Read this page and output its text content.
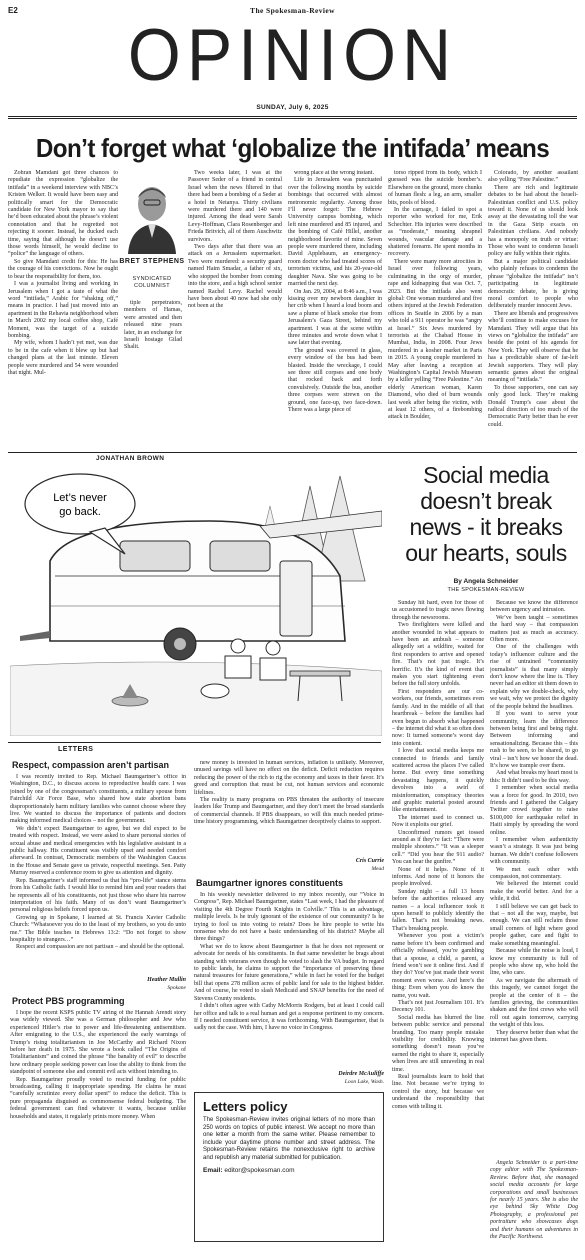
E2	The Spokesman-Review
OPINION
SUNDAY, July 6, 2025
Don’t forget what ‘globalize the intifada’ means

Zohran Mamdani got three chances to repudiate the expression “globalize the intifada” in a weekend interview with NBC’s Kristen Welker. It would have been easy and politically smart for the Democratic candidate for New York mayor to say that he’d been educated about the phrase’s violent connotation and that he regretted not rejecting it sooner. Instead, he ducked each time, saying that although he doesn’t use those words himself, he would decline to “police” the language of others.

So give Mamdani credit for this: He has the courage of his convictions. Now he ought to bear the responsibility for them, too.

I was a journalist living and working in Jerusalem when I got a taste of what the word “intifada,” Arabic for “shaking off,” means in practice. I had just moved into an apartment in the Rehavia neighborhood when in March 2002 my local coffee shop, Café Moment, was the target of a suicide bombing.

My wife, whom I hadn’t yet met, was due to be in the cafe when it blew up but had changed plans at the last minute. Eleven people were murdered and 54 were wounded that night. Mul-

BRET STEPHENS
SYNDICATED COLUMNIST

tiple perpetrators, members of Hamas, were arrested and then released nine years later, in an exchange for Israeli hostage Gilad Shalit.

Two weeks later, I was at the Passover Seder of a friend in central Israel when the news filtered in that there had been a bombing of a Seder at a hotel in Netanya. Thirty civilians were murdered there and 140 were injured. Among the dead were Sarah Levy-Hoffman, Clara Rosenberger and Frieda Britvich, all of them Auschwitz survivors.

Two days after that there was an attack on a Jerusalem supermarket. Two were murdered: a security guard named Haim Smadar, a father of six, who stopped the bomber from coming into the store, and a high school senior named Rachel Levy. Rachel would have been about 40 now had she only not been at the

wrong place at the wrong instant.

Life in Jerusalem was punctuated over the following months by suicide bombings that occurred with almost metronomic regularity. Among those I’ll never forget: The Hebrew University campus bombing, which left nine murdered and 85 injured, and the bombing of Café Hillel, another neighborhood favorite of mine. Seven people were murdered there, including David Applebaum, an emergency-room doctor who had treated scores of terrorism victims, and his 20-year-old daughter Nava. She was going to be married the next day.

On Jan. 29, 2004, at 8:46 a.m., I was kissing over my newborn daughter in her crib when I heard a loud boom and saw a plume of black smoke rise from Jerusalem’s Gaza Street, behind my apartment. I was at the scene within three minutes and wrote down what I saw later that evening.

The ground was covered in glass, every window of the bus had been blasted. Inside the wreckage, I could see three still corpses and one body that rocked back and forth convulsively. Outside the bus, another three corpses were strewn on the ground, one face-up, two face-down. There was a large piece of

torso ripped from its body, which I guessed was the suicide bomber’s. Elsewhere on the ground, more chunks of human flesh: a leg, an arm, smaller bits, pools of blood.

In the carnage, I failed to spot a reporter who worked for me, Erik Schechter. His injuries were described as “moderate,” meaning shrapnel wounds, vascular damage and a shattered forearm. He spent months in recovery.

There were many more atrocities in Israel over following years, culminating in the orgy of murder, rape and kidnapping that was Oct. 7, 2023. But the intifada also went global: One woman murdered and five others injured at the Jewish Federation offices in Seattle in 2006 by a man who told a 911 operator he was “angry at Israel.” Six Jews murdered by terrorists at the Chabad House in Mumbai, India, in 2008. Four Jews murdered in a kosher market in Paris in 2015. A young couple murdered in May after leaving a reception at Washington’s Capital Jewish Museum by a killer yelling “Free Palestine.” An elderly American woman, Karen Diamond, who died of burn wounds last week after being the victim, with at least 12 others, of a firebombing attack in Boulder,

Colorado, by another assailant also yelling “Free Palestine.”

There are rich and legitimate debates to be had about the Israeli-Palestinian conflict and U.S. policy toward it. None of us should look away at the devastating toll the war in the Gaza Strip exacts on Palestinian civilians. And nobody has a monopoly on truth or virtue: Those who want to condemn Israeli policy are fully within their rights.

But a major political candidate who plainly refuses to condemn the phrase “globalize the intifada” isn’t participating in legitimate democratic debate, he is giving moral comfort to people who deliberately murder innocent Jews.

There are liberals and progressives who’ll continue to make excuses for Mamdani. They will argue that his views on “globalize the intifada” are beside the point of his agenda for New York. They will observe that he has a predictable share of far-left Jewish supporters. They will play semantic games about the original meaning of “intifada.”

To those supporters, one can say only good luck. They’re making Donald Trump’s case about the radical direction of too much of the Democratic Party better than he ever could.

JONATHAN BROWN
Let’s never
go back.
Social media doesn’t break news - it breaks our hearts, souls
By Angela Schneider
THE SPOKESMAN-REVIEW

Sunday hit hard, even for those of us accustomed to tragic news flowing through the newsrooms.

Two firefighters were killed and another wounded in what appears to have been an ambush – someone allegedly set a wildfire, waited for first responders to arrive and opened fire. That’s not just tragic. It’s horrific. It’s the kind of event that makes you start tightening even before the full story unfolds.

First responders are our co-workers, our friends, sometimes even family. And in the middle of all that heartbreak – before the families had even begun to absorb what happened – the internet did what it so often does now: It turned someone’s worst day into content.

I love that social media keeps me connected to friends and family scattered across the places I’ve called home. But every time something devastating happens, it quickly devolves into a swirl of misinformation, conspiracy theories and graphic material posted around like entertainment.

The internet used to connect us. Now it exploits our grief.

Unconfirmed rumors get tossed around as if they’re fact: “There were multiple shooters.” “It was a sleeper cell.” “Did you hear the 911 audio? You can hear the gunfire.”

None of it helps. None of it informs. And none of it honors the people involved.

Sunday night – a full 13 hours before the authorities released any names – a local influencer took it upon herself to publicly identify the fallen. That’s not breaking news. That’s breaking people.

Whenever you post a victim’s name before it’s been confirmed and officially released, you’re gambling that a spouse, a child, a parent, a friend won’t see it online first. And if they do? You’ve just made their worst moment even worse. And here’s the thing: Even when you do know the name, you wait.

That’s not just Journalism 101. It’s Decency 101.

Social media has blurred the line between public service and personal branding. Too many people mistake visibility for credibility. Knowing something doesn’t mean you’ve earned the right to share it, especially when lives are still unraveling in real time.

Real journalists learn to hold that line. Not because we’re trying to control the story, but because we understand the responsibility that comes with telling it.

Because we know the difference between urgency and intrusion.

We’ve been taught – sometimes the hard way – that compassion matters just as much as accuracy. Often more.

One of the challenges with today’s influencer culture and the rise of untrained “community journalists” is that many simply don’t know where the line is. They never had an editor sit them down to explain why we double-check, why we wait, why we protect the dignity of the people behind the headlines.

If you want to serve your community, learn the difference between being first and being right. Between informing and sensationalizing. Because this – this rush to be seen, to be shared, to go viral – isn’t how we honor the dead. It’s how we trample over them.

And what breaks my heart most is this: It didn’t used to be this way.

I remember when social media was a force for good. In 2010, two friends and I gathered the Calgary Twitter crowd together to raise $100,000 for earthquake relief in Haiti simply by spreading the word online.

I remember when authenticity wasn’t a strategy. It was just being human. We didn’t confuse followers with community.

We met each other with compassion, not commentary.

We believed the internet could make the world better. And for a while, it did.

I still believe we can get back to that – not all the way, maybe, but enough. We can still reclaim those small corners of light where good people gather, care and fight to make something meaningful.

Because while the noise is loud, I know my community is full of people who show up, who hold the line, who care.

As we navigate the aftermath of this tragedy, we cannot forget the people at the center of it – the families grieving, the communities shaken and the first crews who will roll out again tomorrow, carrying the weight of this loss.

They deserve better than what the internet has given them.

Angela Schneider is a part-time copy editor with The Spokesman-Review. Before that, she managed social media accounts for large corporations and small businesses for nearly 15 years. She is also the eye behind Sky White Dog Photography, a professional pet portraiture who showcases dogs and their humans on adventures in the Pacific Northwest.

LETTERS
Respect, compassion aren’t partisan

I was recently invited to Rep. Michael Baumgartner’s office in Washington, D.C., to discuss access to reproductive health care. I was joined by one of the congressman’s constituents, a military spouse from Fairchild Air Force Base, who shared how state abortion bans disproportionately harm military families who cannot choose where they live. We wanted to discuss the importance of patients and doctors making informed medical choices – not the government.

We didn’t expect Baumgartner to agree, but we did expect to be treated with respect. Instead, we were asked to share personal stories of sexual abuse and medical emergencies with his legislative assistant in a public hallway. His constituent was visibly upset and needed comfort afterward. In contrast, Democratic members of the Washington Caucus in the House and Senate gave us private, respectful meetings. Sen. Patty Murray reserved a conference room to give us attention and dignity.

Rep. Baumgartner’s staff informed us that his “pro-life” stance stems from his Catholic faith. I would like to remind him and your readers that he represents all of his constituents, not just those who share his narrow interpretation of his faith. Many of us don’t want Baumgartner’s personal religious beliefs forced upon us.

Growing up in Spokane, I learned at St. Francis Xavier Catholic Church: “Whatsoever you do to the least of my brothers, so you do unto me.” The Bible teaches in Hebrews 13:2: “Do not forget to show hospitality to strangers…”

Respect and compassion are not partisan – and should be the optional.

Heather Mullin
Spokane
Protect PBS programming

I hope the recent KSPS public TV airing of the Hannah Arendt story was widely viewed. She was a German philosopher and Jew who experienced Hitler’s rise to power and life-threatening antisemitism. After emigrating to the U.S., she experienced the early warnings of Trump’s rising totalitarianism in Joe McCarthy and Richard Nixon before her death in 1975. She wrote a book called “The Origins of Totalitarianism” and coined the phrase “the banality of evil” to describe how ordinary people seeking power can lose the ability to think from the standpoint of someone else and commit evil acts without intending to.

Rep. Baumgartner proudly voted to rescind funding for public broadcasting, calling it inappropriate spending. He claims he must “carefully scrutinize every dollar spent” to reduce the deficit. This is pure propaganda disguised as commonsense federal budgeting. The federal government can find whatever it wants, because unlike households and states, it regularly prints more money. When

new money is invested in human services, inflation is unlikely. Moreover, unused savings will have no effect on the deficit. Deficit reduction requires reducing the power of the rich to rig the economy and taxes in their favor. It’s greed and corruption that must be cut, not human services and economic lifelines.

The reality is many programs on PBS threaten the authority of insecure leaders like Trump and Baumgartner, and they don’t meet the broad standards of commercial channels. If PBS disappears, so will this much needed prime-time history programming, which Baumgartner deceptively claims to support.

Cris Currie
Mead
Baumgartner ignores constituents

In his weekly newsletter delivered to my inbox recently, our “Voice in Congress”, Rep. Michael Baumgartner, states “Last week, I had the pleasure of visiting the 4th Degree Fourth Knights in Colville.” This is an advantage, multiple levels. Is he truly ignorant of the existence of our community? Is he trying to fool us into voting to retain? Does he hire people to write his nonsense who do not have a basic understanding of his district? Maybe all three things?

What we do to know about Baumgartner is that he does not represent or advocate for needs of his constituents. In that same newsletter he brags about standing with veterans even though he voted to slash the VA budget. In regard to public lands, he claims to support the “importance of preserving these natural treasures for future generations,” while in fact he voted for the budget bill that opens 278 million acres of public land for sale to the highest bidder. And of course, he voted to slash Medicaid and SNAP benefits for the need of Stevens County residents.

I didn’t often agree with Cathy McMorris Rodgers, but at least I could call her office and talk to a real human and get a response pertinent to my concern. If I needed constituent service, it was forthcoming. With Baumgartner, that is sadly not the case. With him, I have no voice in Congress.

Deirdre McAuliffe
Loon Lake, Wash.
Letters policy

The Spokesman-Review invites original letters of no more than 250 words on topics of public interest. We accept no more than one letter a month from the same writer. Please remember to include your daytime phone number and street address. The Spokesman-Review retains the nonexclusive right to archive and republish any material submitted for publication.

Email: editor@spokesman.com
